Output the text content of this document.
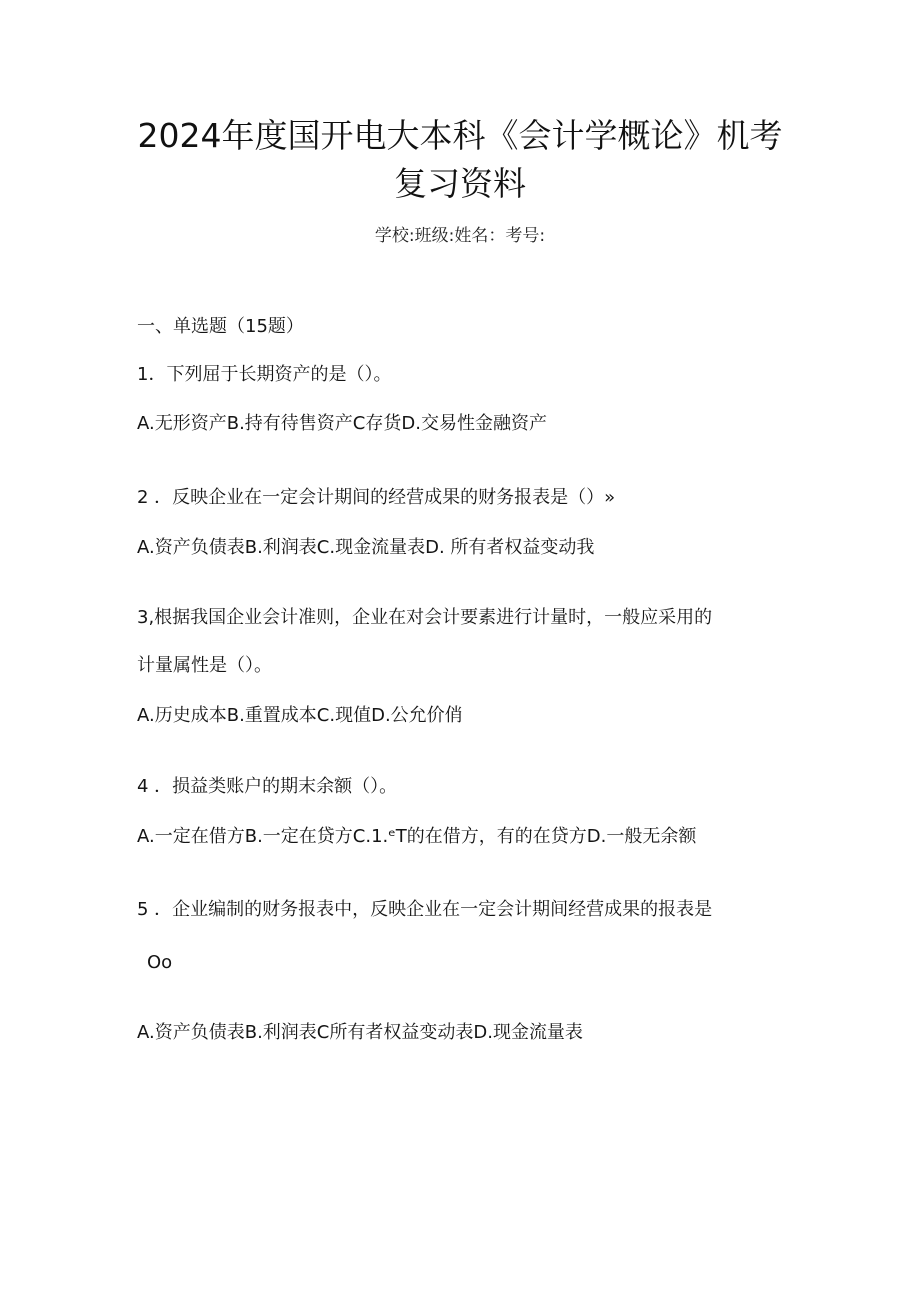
2024年度国开电大本科《会计学概论》机考
复习资料
学校:班级:姓名：考号:
一、单选题（15题）
1．下列屈于长期资产的是（）。
A.无形资产B.持有待售资产C存货D.交易性金融资产
2 ．反映企业在一定会计期间的经营成果的财务报表是（）»
A.资产负债表B.利润表C.现金流量表D. 所有者权益变动我
3,根据我国企业会计准则，企业在对会计要素进行计量时，一般应采用的
计量属性是（）。
A.历史成本B.重置成本C.现值D.公允价俏
4 ．损益类账户的期末余额（）。
A.一定在借方B.一定在贷方C.1.ᵉT的在借方，有的在贷方D.一般无余额
5 ．企业编制的财务报表中，反映企业在一定会计期间经营成果的报表是
Oo
A.资产负债表B.利润表C所有者权益变动表D.现金流量表
